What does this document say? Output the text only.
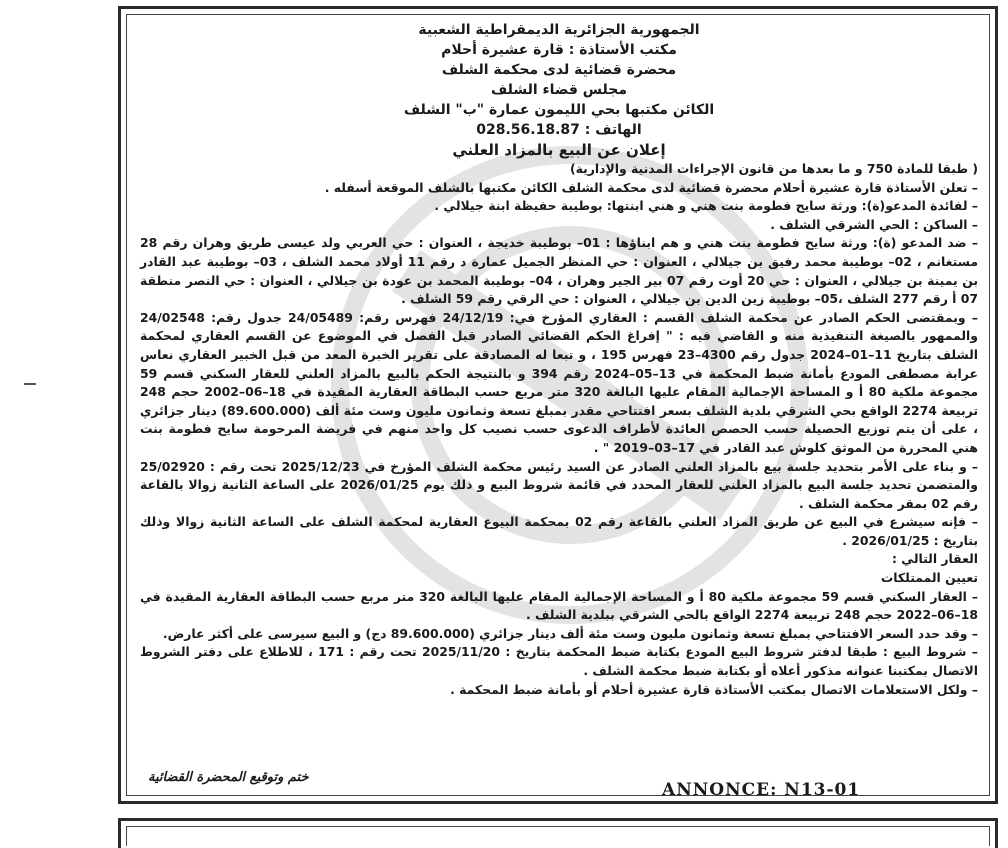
الجمهورية الجزائرية الديمقراطية الشعبية

مكتب الأستاذة : قارة عشيرة أحلام

محضرة قضائية لدى محكمة الشلف

مجلس قضاء الشلف

الكائن مكتبها بحي الليمون عمارة "ب" الشلف

الهاتف : 028.56.18.87

إعلان عن البيع بالمزاد العلني

( طبقا للمادة 750 و ما بعدها من قانون الإجراءات المدنية والإدارية)

– تعلن الأستاذة قارة عشيرة أحلام محضرة قضائية لدى محكمة الشلف الكائن مكتبها بالشلف الموقعة أسفله .

– لفائدة المدعو(ة): ورثة سايح فطومة بنت هني و هني ابنتها: بوطيبة حفيظة ابنة جيلالي .

– الساكن : الحي الشرقي الشلف .

– ضد المدعو (ة): ورثة سايح فطومة بنت هني و هم ابناؤها : 01– بوطيبة خديجة ، العنوان : حي العربي ولد عيسى طريق وهران رقم 28 مستغانم ، 02– بوطيبة محمد رفيق بن جيلالي ، العنوان : حي المنظر الجميل عمارة د رقم 11 أولاد محمد الشلف ، 03– بوطيبة عبد القادر بن يمينة بن جيلالي ، العنوان : حي 20 أوت رقم 07 بير الجير وهران ، 04– بوطيبة المحمد بن عودة بن جيلالي ، العنوان : حي النصر منطقة 07 أ رقم 277 الشلف ،05– بوطيبة زين الدين بن جيلالي ، العنوان : حي الرقي رقم 59 الشلف .

– وبمقتضى الحكم الصادر عن محكمة الشلف القسم : العقاري المؤرخ في: 24/12/19 فهرس رقم: 24/05489 جدول رقم: 24/02548 والممهور بالصيغة التنفيذية منه و القاضي فيه : " إفراغ الحكم القضائي الصادر قبل الفصل في الموضوع عن القسم العقاري لمحكمة الشلف بتاريخ 11–01–2024 جدول رقم 4300–23 فهرس 195 ، و تبعا له المصادقة على تقرير الخبرة المعد من قبل الخبير العقاري نعاس عرابة مصطفى المودع بأمانة ضبط المحكمة في 13–05–2024 رقم 394 و بالنتيجة الحكم بالبيع بالمزاد العلني للعقار السكني قسم 59 مجموعة ملكية 80 أ و المساحة الإجمالية المقام عليها البالغة 320 متر مربع حسب البطاقة العقارية المقيدة في 18–06–2002 حجم 248 تربيعة 2274 الواقع بحي الشرقي بلدية الشلف بسعر افتتاحي مقدر بمبلغ تسعة وثمانون مليون وست مئة ألف (89.600.000) دينار جزائري ، على أن يتم توزيع الحصيلة حسب الحصص العائدة لأطراف الدعوى حسب نصيب كل واحد منهم في فريضة المرحومة سايح فطومة بنت هني المحررة من الموثق كلوش عبد القادر في 17–03–2019 " .

– و بناء على الأمر بتحديد جلسة بيع بالمزاد العلني الصادر عن السيد رئيس محكمة الشلف المؤرخ في 2025/12/23 تحت رقم : 25/02920 والمتضمن تحديد جلسة البيع بالمزاد العلني للعقار المحدد في قائمة شروط البيع و ذلك يوم 2026/01/25 على الساعة الثانية زوالا بالقاعة رقم 02 بمقر محكمة الشلف .

– فإنه سيشرع في البيع عن طريق المزاد العلني بالقاعة رقم 02 بمحكمة البيوع العقارية لمحكمة الشلف على الساعة الثانية زوالا وذلك بتاريخ : 2026/01/25 .

العقار التالي :

تعيين الممتلكات

– العقار السكني قسم 59 مجموعة ملكية 80 أ و المساحة الإجمالية المقام عليها البالغة 320 متر مربع حسب البطاقة العقارية المقيدة في 18–06–2022 حجم 248 تربيعة 2274 الواقع بالحي الشرقي ببلدية الشلف .

– وقد حدد السعر الافتتاحي بمبلغ تسعة وثمانون مليون وست مئة ألف دينار جزائري (89.600.000 دج) و البيع سيرسى على أكثر عارض.

– شروط البيع : طبقا لدفتر شروط البيع المودع بكتابة ضبط المحكمة بتاريخ : 2025/11/20 تحت رقم : 171 ، للاطلاع على دفتر الشروط الاتصال بمكتبنا عنوانه مذكور أعلاه أو بكتابة ضبط محكمة الشلف .

– ولكل الاستعلامات الاتصال بمكتب الأستاذة قارة عشيرة أحلام أو بأمانة ضبط المحكمة .

ختم وتوقيع المحضرة القضائية
ANNONCE: N13-01
